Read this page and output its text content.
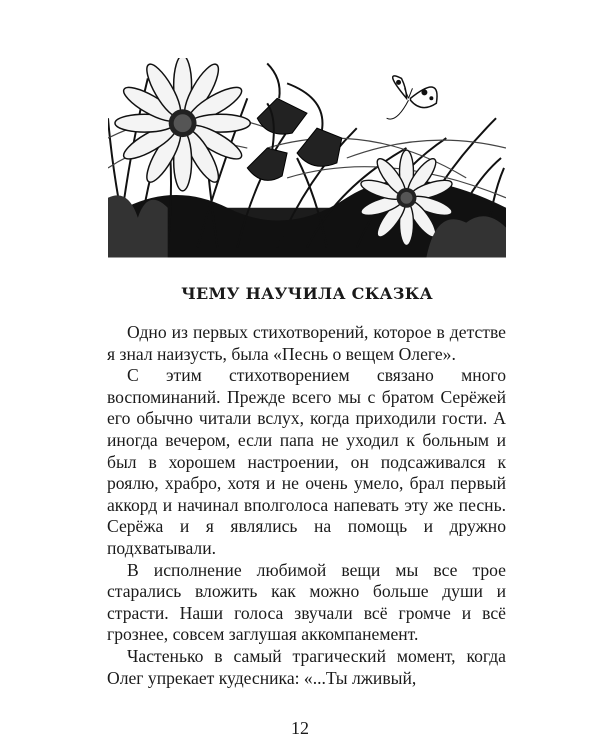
ЧЕМУ НАУЧИЛА СКАЗКА

Одно из первых стихотворений, которое в детстве я знал наизусть, была «Песнь о вещем Олеге».

С этим стихотворением связано много воспоминаний. Прежде всего мы с братом Серёжей его обычно читали вслух, когда приходили гости. А иногда вечером, если папа не уходил к больным и был в хорошем настроении, он подсаживался к роялю, храбро, хотя и не очень умело, брал первый аккорд и начинал вполголоса напевать эту же песнь. Серёжа и я являлись на помощь и дружно подхватывали.

В исполнение любимой вещи мы все трое старались вложить как можно больше души и страсти. Наши голоса звучали всё громче и всё грознее, совсем заглушая аккомпанемент.

Частенько в самый трагический момент, когда Олег упрекает кудесника: «...Ты лживый,

12
